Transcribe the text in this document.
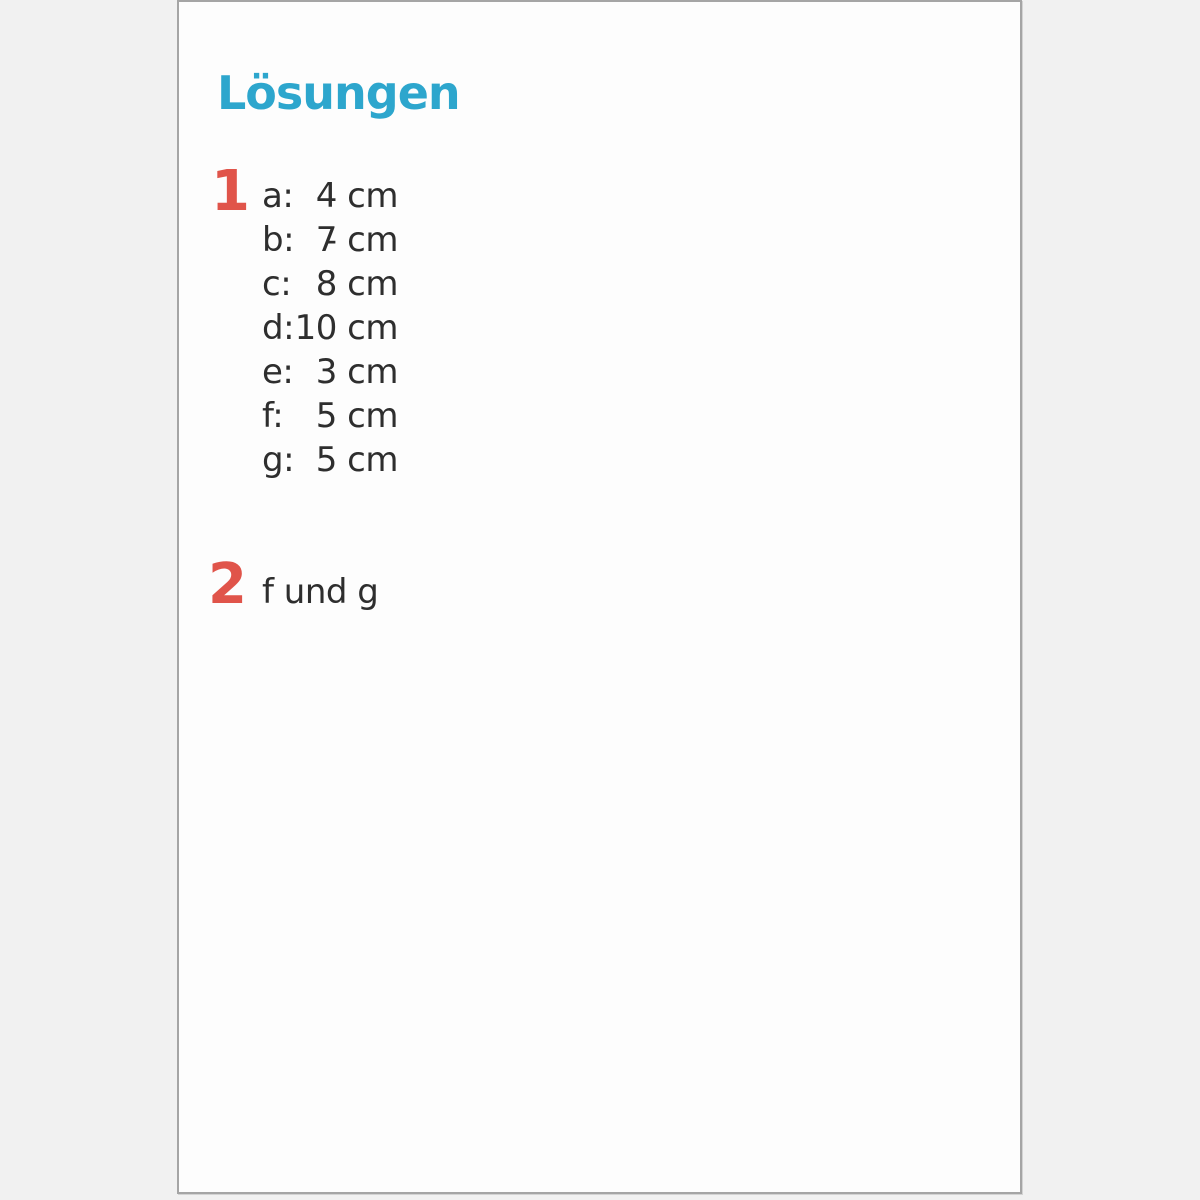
Lösungen
1 a: 4 cm
b: 7̵ cm
c: 8 cm
d: 10 cm
e: 3 cm
f: 5 cm
g: 5 cm
2 f und g
